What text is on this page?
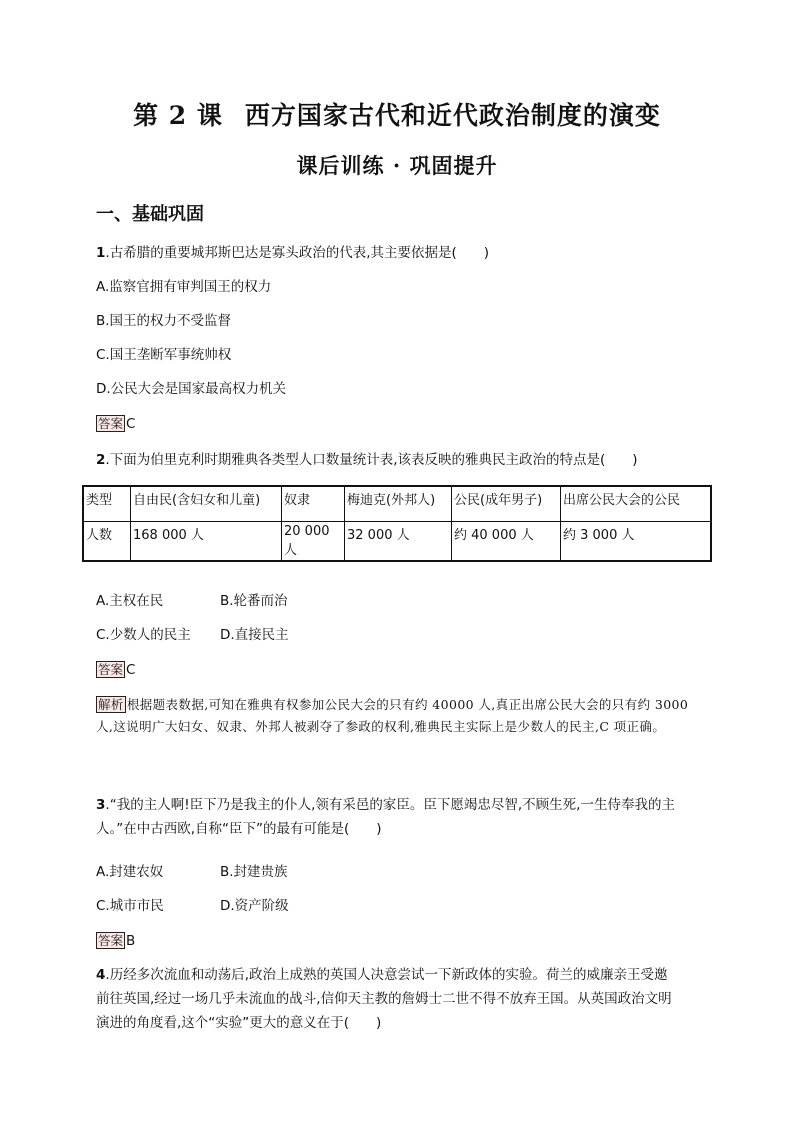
第 2 课 西方国家古代和近代政治制度的演变
课后训练 · 巩固提升
一、基础巩固
1.古希腊的重要城邦斯巴达是寡头政治的代表,其主要依据是(　　)
A.监察官拥有审判国王的权力
B.国王的权力不受监督
C.国王垄断军事统帅权
D.公民大会是国家最高权力机关
答案 C
2.下面为伯里克利时期雅典各类型人口数量统计表,该表反映的雅典民主政治的特点是(　　)
类型	自由民(含妇女和儿童)	奴隶	梅迪克(外邦人)	公民(成年男子)	出席公民大会的公民
人数	168 000 人	20 000 人	32 000 人	约 40 000 人	约 3 000 人
A.主权在民	B.轮番而治
C.少数人的民主 D.直接民主
答案 C
解析 根据题表数据,可知在雅典有权参加公民大会的只有约 40000 人,真正出席公民大会的只有约 3000 人,这说明广大妇女、奴隶、外邦人被剥夺了参政的权利,雅典民主实际上是少数人的民主,C 项正确。
3.“我的主人啊!臣下乃是我主的仆人,领有采邑的家臣。臣下愿竭忠尽智,不顾生死,一生侍奉我的主
人。”在中古西欧,自称“臣下”的最有可能是(　　)
A.封建农奴	B.封建贵族
C.城市市民	D.资产阶级
答案 B
4.历经多次流血和动荡后,政治上成熟的英国人决意尝试一下新政体的实验。荷兰的威廉亲王受邀
前往英国,经过一场几乎未流血的战斗,信仰天主教的詹姆士二世不得不放弃王国。从英国政治文明
演进的角度看,这个“实验”更大的意义在于(　　)
